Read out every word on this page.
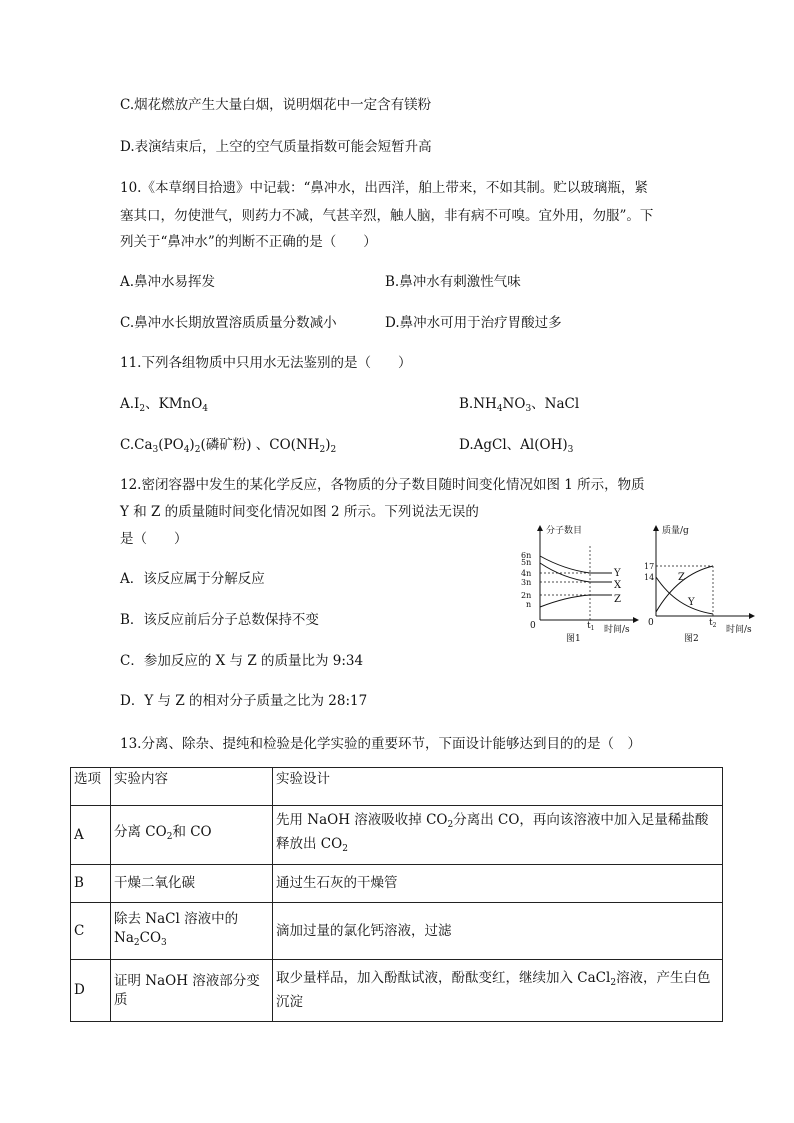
C.烟花燃放产生大量白烟，说明烟花中一定含有镁粉
D.表演结束后，上空的空气质量指数可能会短暂升高
10.《本草纲目拾遗》中记载：“鼻冲水，出西洋，舶上带来，不如其制。贮以玻璃瓶，紧
塞其口，勿使泄气，则药力不减，气甚辛烈，触人脑，非有病不可嗅。宜外用，勿服”。下
列关于“鼻冲水”的判断不正确的是（　　）
A.鼻冲水易挥发	B.鼻冲水有刺激性气味
C.鼻冲水长期放置溶质质量分数减小	D.鼻冲水可用于治疗胃酸过多
11.下列各组物质中只用水无法鉴别的是（　　）
$A.I_2$、KMnO$_4$	$B.NH_4NO_3$、NaCl
$C.Ca_3(PO_4)_2$(磷矿粉) 、$CO(NH_2)_2$	D.AgCl、$Al(OH)_3$
12.密闭容器中发生的某化学反应，各物质的分子数目随时间变化情况如图 1 所示，物质
Y 和 Z 的质量随时间变化情况如图 2 所示。下列说法无误的
是（　　）
A．该反应属于分解反应
B．该反应前后分子总数保持不变
C．参加反应的 X 与 Z 的质量比为 9:34
D．Y 与 Z 的相对分子质量之比为 28:17
分子数目
6n
5n
4n
3n
2n
n
Y
X
Z
0	$t_1$ 时间/s
图1
质量/g
17
14 Z
Y
0	$t_2$ 时间/s
图2
13.分离、除杂、提纯和检验是化学实验的重要环节，下面设计能够达到目的的是（　）
选项	实验内容	实验设计
A	分离 $CO_2$和 CO	先用 NaOH 溶液吸收掉 $CO_2$分离出 CO，再向该溶液中加入足量稀盐酸释放出 $CO_2$
B	干燥二氧化碳	通过生石灰的干燥管
C	除去 NaCl 溶液中的 $Na_2CO_3$	滴加过量的氯化钙溶液，过滤
D	证明 NaOH 溶液部分变质	取少量样品，加入酚酞试液，酚酞变红，继续加入 CaCl$_2$溶液，产生白色沉淀
